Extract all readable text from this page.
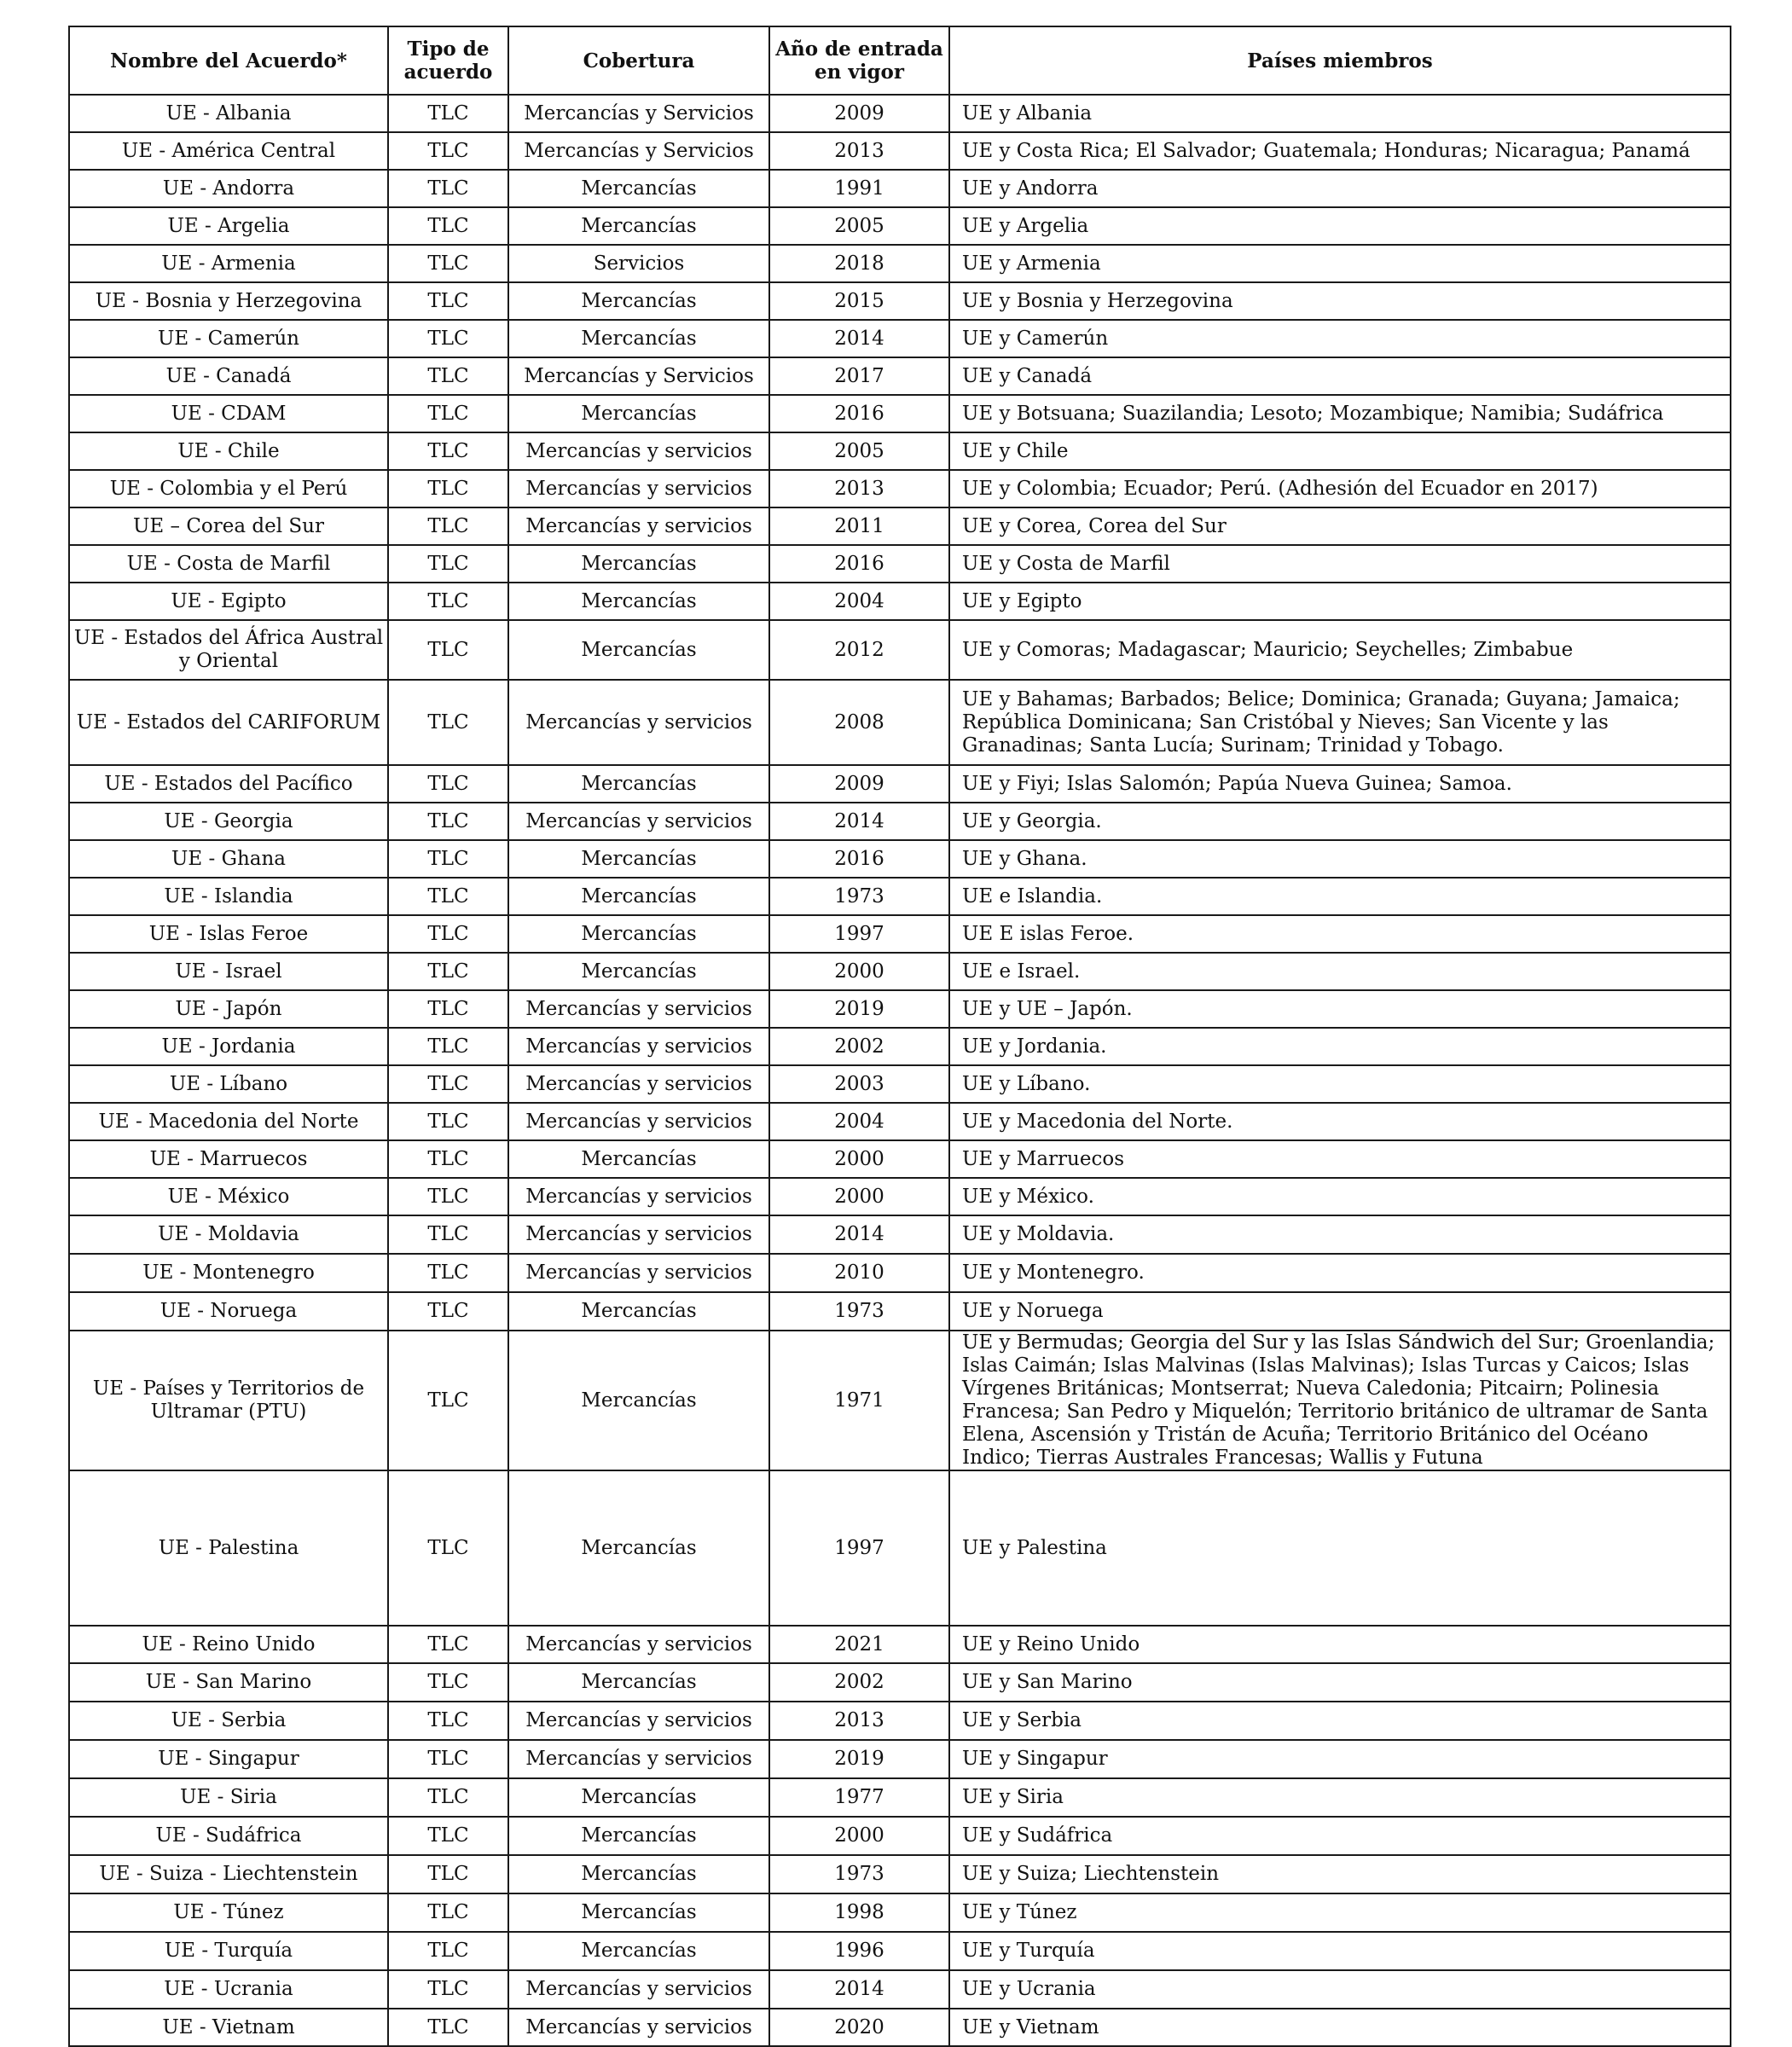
Nombre del Acuerdo*	Tipo de acuerdo	Cobertura	Año de entrada en vigor	Países miembros
UE - Albania	TLC	Mercancías y Servicios	2009	UE y Albania
UE - América Central	TLC	Mercancías y Servicios	2013	UE y Costa Rica; El Salvador; Guatemala; Honduras; Nicaragua; Panamá
UE - Andorra	TLC	Mercancías	1991	UE y Andorra
UE - Argelia	TLC	Mercancías	2005	UE y Argelia
UE - Armenia	TLC	Servicios	2018	UE y Armenia
UE - Bosnia y Herzegovina	TLC	Mercancías	2015	UE y Bosnia y Herzegovina
UE - Camerún	TLC	Mercancías	2014	UE y Camerún
UE - Canadá	TLC	Mercancías y Servicios	2017	UE y Canadá
UE - CDAM	TLC	Mercancías	2016	UE y Botsuana; Suazilandia; Lesoto; Mozambique; Namibia; Sudáfrica
UE - Chile	TLC	Mercancías y servicios	2005	UE y Chile
UE - Colombia y el Perú	TLC	Mercancías y servicios	2013	UE y Colombia; Ecuador; Perú. (Adhesión del Ecuador en 2017)
UE – Corea del Sur	TLC	Mercancías y servicios	2011	UE y Corea, Corea del Sur
UE - Costa de Marfil	TLC	Mercancías	2016	UE y Costa de Marfil
UE - Egipto	TLC	Mercancías	2004	UE y Egipto
UE - Estados del África Austral y Oriental	TLC	Mercancías	2012	UE y Comoras; Madagascar; Mauricio; Seychelles; Zimbabue
UE - Estados del CARIFORUM	TLC	Mercancías y servicios	2008	UE y Bahamas; Barbados; Belice; Dominica; Granada; Guyana; Jamaica; República Dominicana; San Cristóbal y Nieves; San Vicente y las Granadinas; Santa Lucía; Surinam; Trinidad y Tobago.
UE - Estados del Pacífico	TLC	Mercancías	2009	UE y Fiyi; Islas Salomón; Papúa Nueva Guinea; Samoa.
UE - Georgia	TLC	Mercancías y servicios	2014	UE y Georgia.
UE - Ghana	TLC	Mercancías	2016	UE y Ghana.
UE - Islandia	TLC	Mercancías	1973	UE e Islandia.
UE - Islas Feroe	TLC	Mercancías	1997	UE E islas Feroe.
UE - Israel	TLC	Mercancías	2000	UE e Israel.
UE - Japón	TLC	Mercancías y servicios	2019	UE y UE – Japón.
UE - Jordania	TLC	Mercancías y servicios	2002	UE y Jordania.
UE - Líbano	TLC	Mercancías y servicios	2003	UE y Líbano.
UE - Macedonia del Norte	TLC	Mercancías y servicios	2004	UE y Macedonia del Norte.
UE - Marruecos	TLC	Mercancías	2000	UE y Marruecos
UE - México	TLC	Mercancías y servicios	2000	UE y México.
UE - Moldavia	TLC	Mercancías y servicios	2014	UE y Moldavia.
UE - Montenegro	TLC	Mercancías y servicios	2010	UE y Montenegro.
UE - Noruega	TLC	Mercancías	1973	UE y Noruega
UE - Países y Territorios de Ultramar (PTU)	TLC	Mercancías	1971	UE y Bermudas; Georgia del Sur y las Islas Sándwich del Sur; Groenlandia; Islas Caimán; Islas Malvinas (Islas Malvinas); Islas Turcas y Caicos; Islas Vírgenes Británicas; Montserrat; Nueva Caledonia; Pitcairn; Polinesia Francesa; San Pedro y Miquelón; Territorio británico de ultramar de Santa Elena, Ascensión y Tristán de Acuña; Territorio Británico del Océano Indico; Tierras Australes Francesas; Wallis y Futuna
UE - Palestina	TLC	Mercancías	1997	UE y Palestina
UE - Reino Unido	TLC	Mercancías y servicios	2021	UE y Reino Unido
UE - San Marino	TLC	Mercancías	2002	UE y San Marino
UE - Serbia	TLC	Mercancías y servicios	2013	UE y Serbia
UE - Singapur	TLC	Mercancías y servicios	2019	UE y Singapur
UE - Siria	TLC	Mercancías	1977	UE y Siria
UE - Sudáfrica	TLC	Mercancías	2000	UE y Sudáfrica
UE - Suiza - Liechtenstein	TLC	Mercancías	1973	UE y Suiza; Liechtenstein
UE - Túnez	TLC	Mercancías	1998	UE y Túnez
UE - Turquía	TLC	Mercancías	1996	UE y Turquía
UE - Ucrania	TLC	Mercancías y servicios	2014	UE y Ucrania
UE - Vietnam	TLC	Mercancías y servicios	2020	UE y Vietnam
